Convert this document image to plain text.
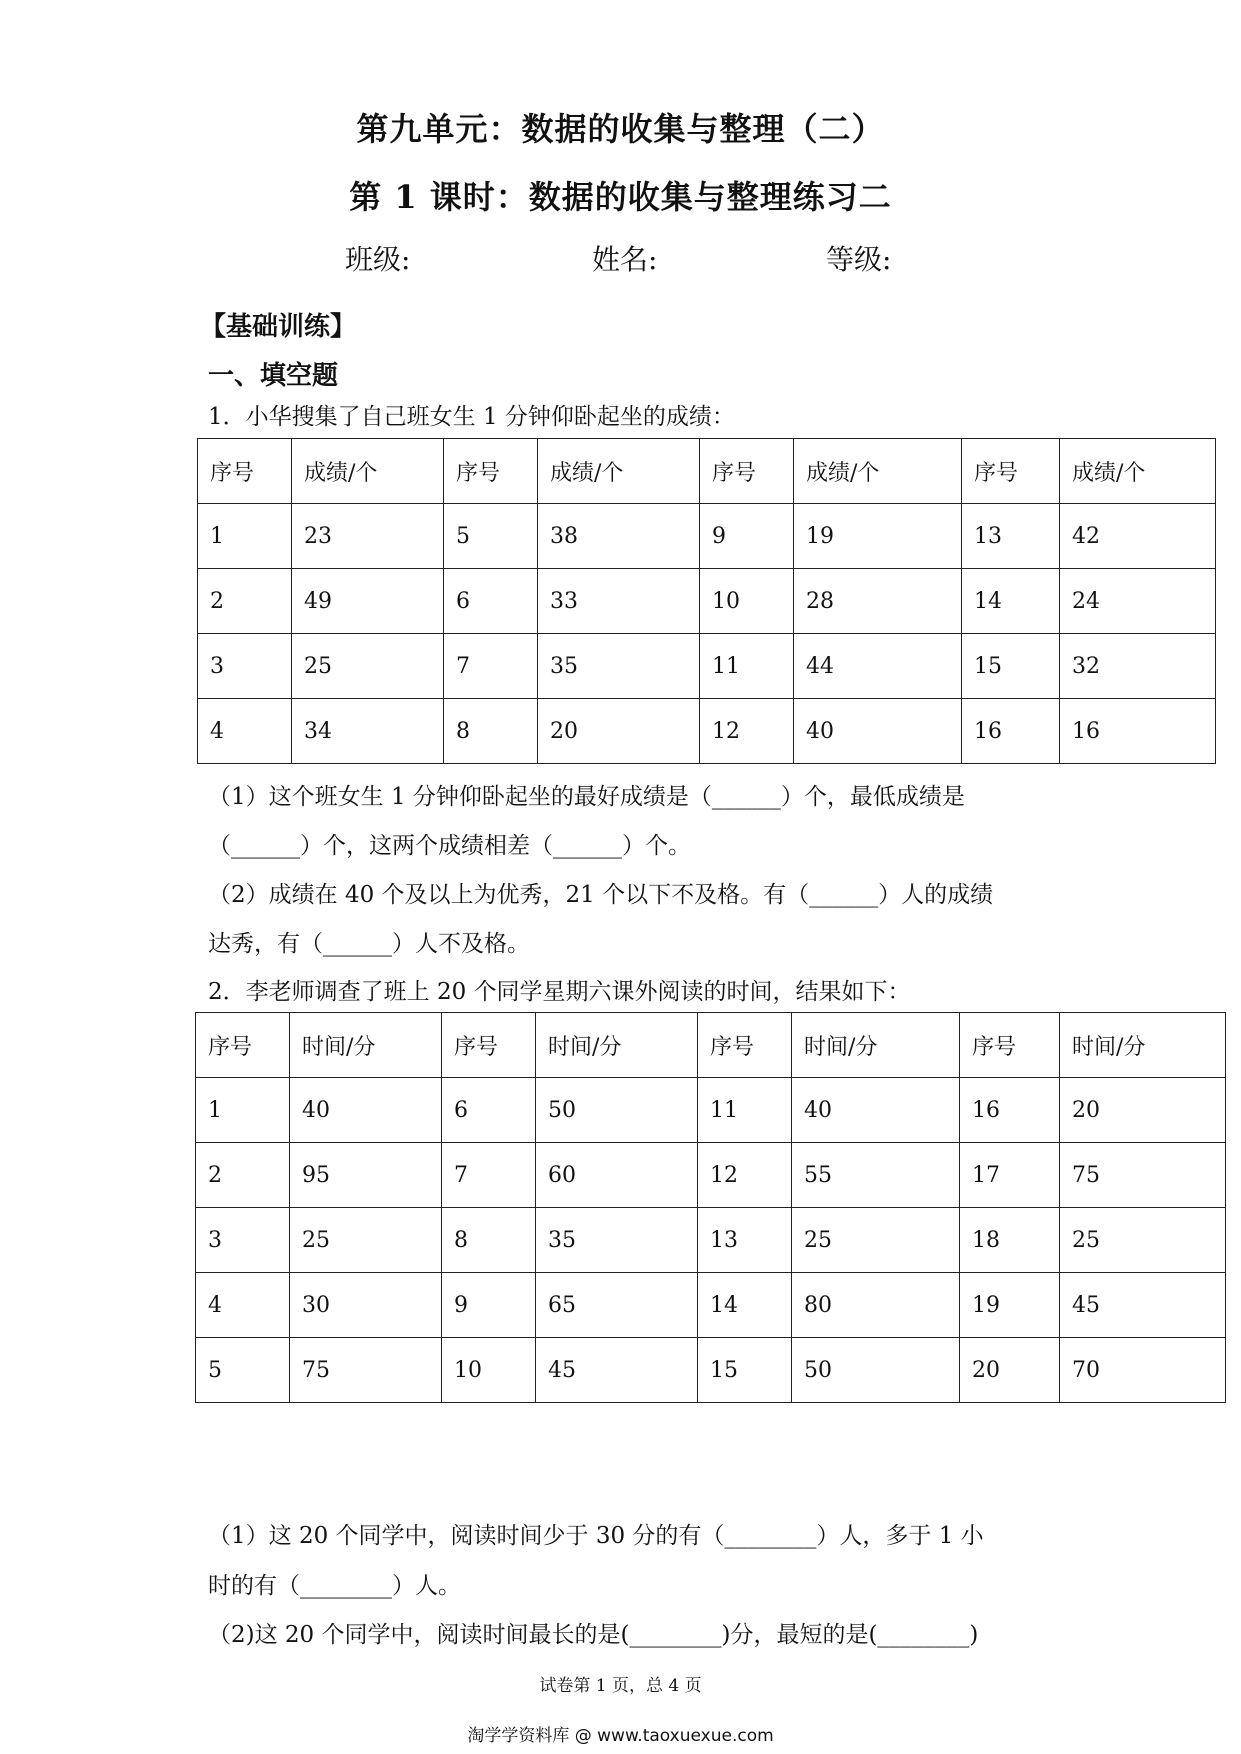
第九单元：数据的收集与整理（二）
第 1 课时：数据的收集与整理练习二
班级:	姓名:	等级:
【基础训练】
一、填空题
1．小华搜集了自己班女生 1 分钟仰卧起坐的成绩：
序号	成绩/个	序号	成绩/个	序号	成绩/个	序号	成绩/个
1	23	5	38	9	19	13	42
2	49	6	33	10	28	14	24
3	25	7	35	11	44	15	32
4	34	8	20	12	40	16	16
（1）这个班女生 1 分钟仰卧起坐的最好成绩是（______）个，最低成绩是
（______）个，这两个成绩相差（______）个。
（2）成绩在 40 个及以上为优秀，21 个以下不及格。有（______）人的成绩
达秀，有（______）人不及格。
2．李老师调查了班上 20 个同学星期六课外阅读的时间，结果如下：
序号	时间/分	序号	时间/分	序号	时间/分	序号	时间/分
1	40	6	50	11	40	16	20
2	95	7	60	12	55	17	75
3	25	8	35	13	25	18	25
4	30	9	65	14	80	19	45
5	75	10	45	15	50	20	70
（1）这 20 个同学中，阅读时间少于 30 分的有（________）人，多于 1 小
时的有（________）人。
（2)这 20 个同学中，阅读时间最长的是(________)分，最短的是(________)
试卷第 1 页，总 4 页
淘学学资料库 @ www.taoxuexue.com
